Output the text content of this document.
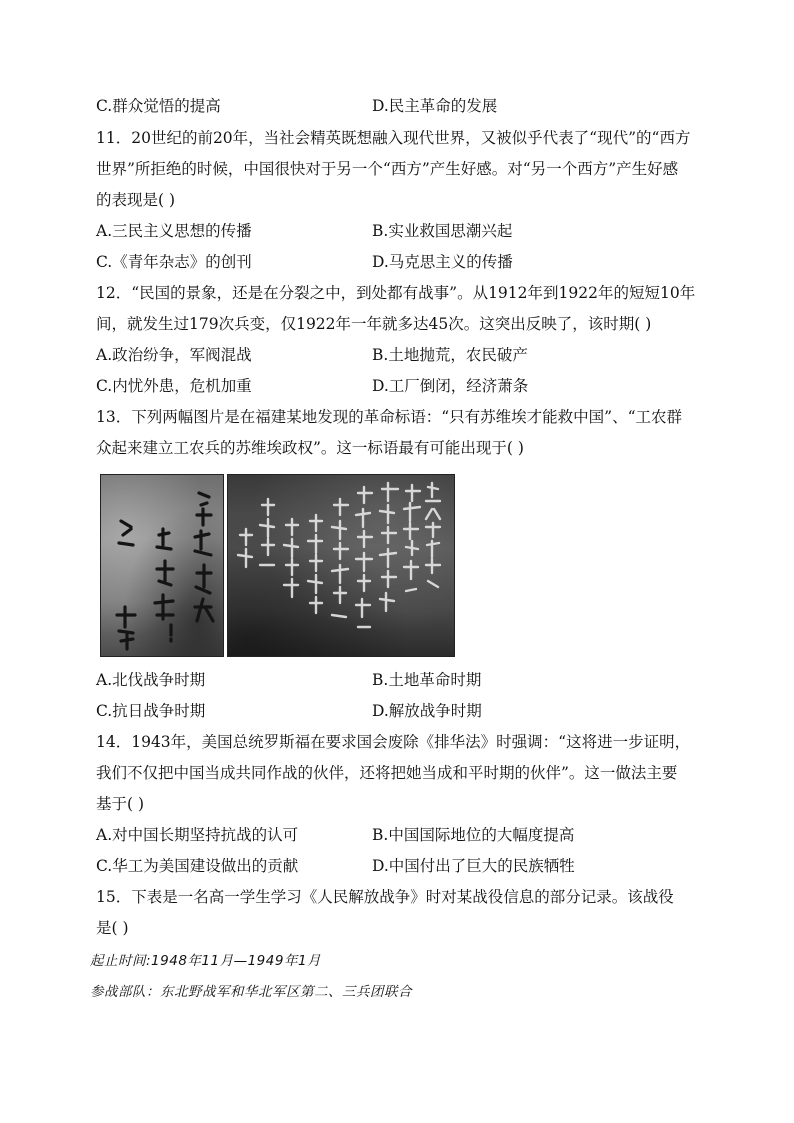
C.群众觉悟的提高	D.民主革命的发展
11．20世纪的前20年，当社会精英既想融入现代世界，又被似乎代表了“现代”的“西方
世界”所拒绝的时候，中国很快对于另一个“西方”产生好感。对“另一个西方”产生好感
的表现是( )
A.三民主义思想的传播	B.实业救国思潮兴起
C.《青年杂志》的创刊	D.马克思主义的传播
12．“民国的景象，还是在分裂之中，到处都有战事”。从1912年到1922年的短短10年
间，就发生过179次兵变，仅1922年一年就多达45次。这突出反映了，该时期( )
A.政治纷争，军阀混战	B.土地抛荒，农民破产
C.内忧外患，危机加重	D.工厂倒闭，经济萧条
13．下列两幅图片是在福建某地发现的革命标语：“只有苏维埃才能救中国”、“工农群
众起来建立工农兵的苏维埃政权”。这一标语最有可能出现于( )
A.北伐战争时期	B.土地革命时期
C.抗日战争时期	D.解放战争时期
14．1943年，美国总统罗斯福在要求国会废除《排华法》时强调：“这将进一步证明，
我们不仅把中国当成共同作战的伙伴，还将把她当成和平时期的伙伴”。这一做法主要
基于( )
A.对中国长期坚持抗战的认可	B.中国国际地位的大幅度提高
C.华工为美国建设做出的贡献	D.中国付出了巨大的民族牺牲
15．下表是一名高一学生学习《人民解放战争》时对某战役信息的部分记录。该战役
是( )
起止时间:1948年11月—1949年1月
参战部队：东北野战军和华北军区第二、三兵团联合
